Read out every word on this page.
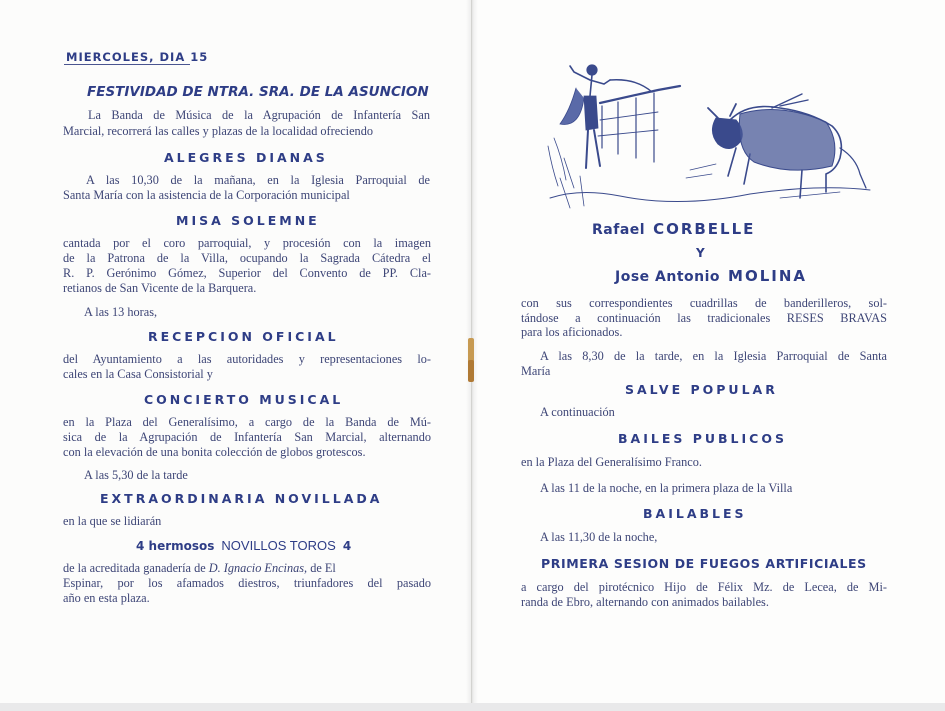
MIERCOLES, DIA 15
FESTIVIDAD DE NTRA. SRA. DE LA ASUNCION
La Banda de Música de la Agrupación de Infantería San
Marcial, recorrerá las calles y plazas de la localidad ofreciendo
ALEGRES DIANAS
A las 10,30 de la mañana, en la Iglesia Parroquial de
Santa María con la asistencia de la Corporación municipal
MISA SOLEMNE
cantada por el coro parroquial, y procesión con la imagen
de la Patrona de la Villa, ocupando la Sagrada Cátedra el
R. P. Gerónimo Gómez, Superior del Convento de PP. Cla-
retianos de San Vicente de la Barquera.
A las 13 horas,
RECEPCION OFICIAL
del Ayuntamiento a las autoridades y representaciones lo-
cales en la Casa Consistorial y
CONCIERTO MUSICAL
en la Plaza del Generalísimo, a cargo de la Banda de Mú-
sica de la Agrupación de Infantería San Marcial, alternando
con la elevación de una bonita colección de globos grotescos.
A las 5,30 de la tarde
EXTRAORDINARIA NOVILLADA
en la que se lidiarán
4 hermosos NOVILLOS TOROS 4
de la acreditada ganadería de D. Ignacio Encinas, de El
Espinar, por los afamados diestros, triunfadores del pasado
año en esta plaza.
Rafael CORBELLE
Y
Jose Antonio MOLINA
con sus correspondientes cuadrillas de banderilleros, sol-
tándose a continuación las tradicionales RESES BRAVAS
para los aficionados.
A las 8,30 de la tarde, en la Iglesia Parroquial de Santa
María
SALVE POPULAR
A continuación
BAILES PUBLICOS
en la Plaza del Generalísimo Franco.
A las 11 de la noche, en la primera plaza de la Villa
BAILABLES
A las 11,30 de la noche,
PRIMERA SESION DE FUEGOS ARTIFICIALES
a cargo del pirotécnico Hijo de Félix Mz. de Lecea, de Mi-
randa de Ebro, alternando con animados bailables.
